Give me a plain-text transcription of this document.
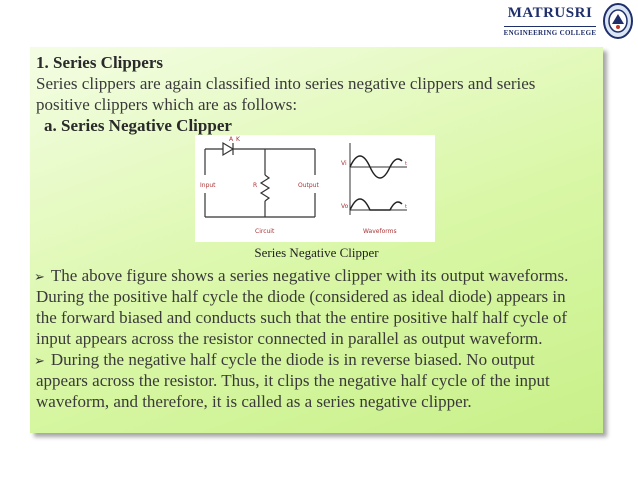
MATRUSRI
ENGINEERING COLLEGE
1. Series Clippers
Series clippers are again classified into series negative clippers and series
positive clippers which are as follows:
a. Series Negative Clipper
A K
Input	R	Output
Circuit
Vi
Vo
t
t
Waveforms
Series Negative Clipper
➢ The above figure shows a series negative clipper with its output waveforms.
During the positive half cycle the diode (considered as ideal diode) appears in
the forward biased and conducts such that the entire positive half half cycle of
input appears across the resistor connected in parallel as output waveform.
➢ During the negative half cycle the diode is in reverse biased. No output
appears across the resistor. Thus, it clips the negative half cycle of the input
waveform, and therefore, it is called as a series negative clipper.
